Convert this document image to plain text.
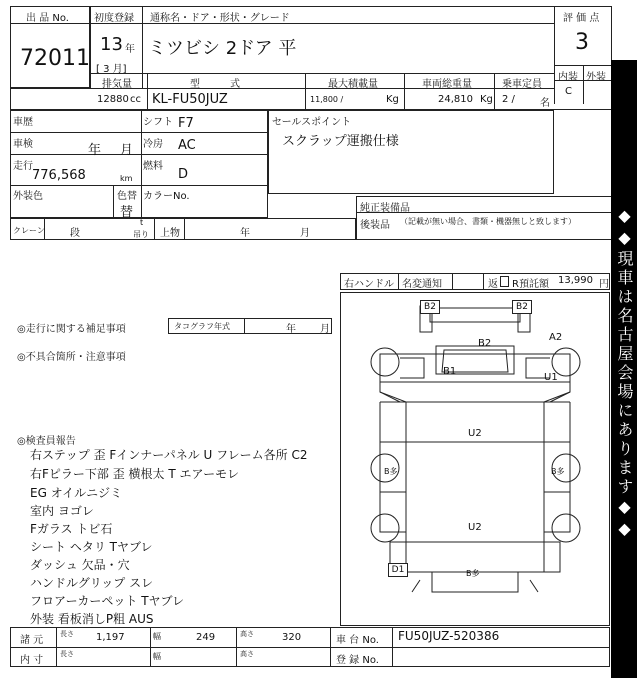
出 品 No.
72011
初度登録
13 年
[ 3 月]
通称名・ドア・形状・グレード
ミツビシ 2ドア 平
評 価 点
3
内装 外装
C
排気量
12880 cc
型　　　式
KL-FU50JUZ
最大積載量
11,800 /	Kg
車両総重量
24,810 Kg
乗車定員
2 /	名
車歴	シフト F7
車検	年 月 冷房 AC
走行
776,568	km
燃料
D
外装色	色替
替
カラーNo.
セールスポイント
スクラップ運搬仕様
純正装備品
後装品 （記載が無い場合、書類・機器無しと致します）
クレーン	段
t
吊り 上物	年	月
右ハンドル 名変通知	返 R預託額 13,990 円
◎走行に関する補足事項	タコグラフ年式	年 月
◎不具合箇所・注意事項
◎検査員報告
右ステップ 歪 Fインナーパネル U フレーム各所 C2
右Fピラー下部 歪 横根太 T エアーモレ
EG オイルニジミ
室内 ヨゴレ
Fガラス トビ石
シート ヘタリ Tヤブレ
ダッシュ 欠品・穴
ハンドルグリップ スレ
フロアーカーペット Tヤブレ
外装 看板消しP粗 AUS
B2	B2
B2
A2
B1
U1
U2
B多	B多
U2
D1	B多
諸 元
長さ 1,197	幅	249	高さ	320	車 台 No. FU50JUZ-520386
内 寸
長さ	幅	高さ
登 録 No.
◆◆現車は名古屋会場にあります◆◆
